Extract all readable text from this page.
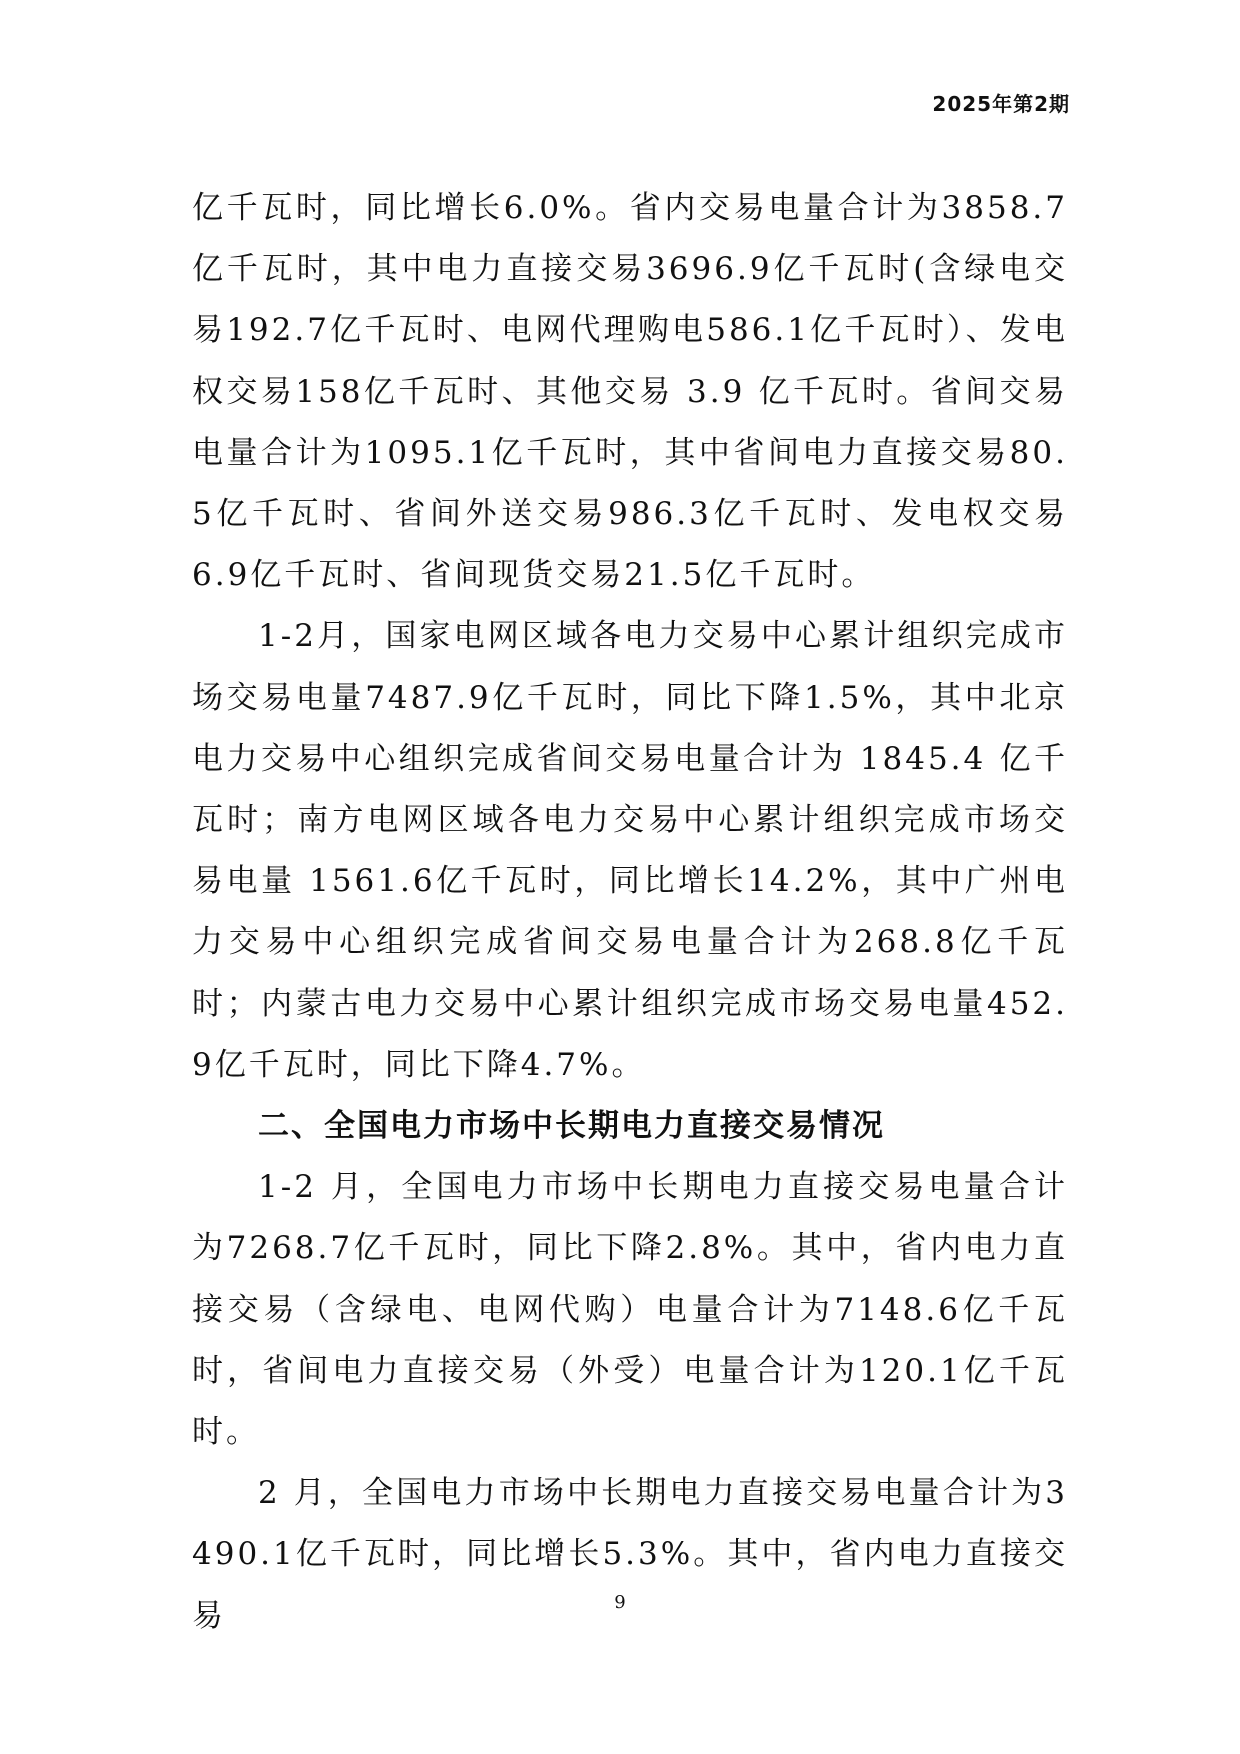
2025年第2期

亿千瓦时，同比增长6.0%。省内交易电量合计为3858.7亿千瓦时，其中电力直接交易3696.9亿千瓦时(含绿电交易192.7亿千瓦时、电网代理购电586.1亿千瓦时）、发电权交易158亿千瓦时、其他交易 3.9 亿千瓦时。省间交易电量合计为1095.1亿千瓦时，其中省间电力直接交易80.5亿千瓦时、省间外送交易986.3亿千瓦时、发电权交易6.9亿千瓦时、省间现货交易21.5亿千瓦时。

1-2月，国家电网区域各电力交易中心累计组织完成市场交易电量7487.9亿千瓦时，同比下降1.5%，其中北京电力交易中心组织完成省间交易电量合计为 1845.4 亿千瓦时；南方电网区域各电力交易中心累计组织完成市场交易电量 1561.6亿千瓦时，同比增长14.2%，其中广州电力交易中心组织完成省间交易电量合计为268.8亿千瓦时；内蒙古电力交易中心累计组织完成市场交易电量452.9亿千瓦时，同比下降4.7%。

二、全国电力市场中长期电力直接交易情况

1-2 月，全国电力市场中长期电力直接交易电量合计为7268.7亿千瓦时，同比下降2.8%。其中，省内电力直接交易（含绿电、电网代购）电量合计为7148.6亿千瓦时，省间电力直接交易（外受）电量合计为120.1亿千瓦时。

2 月，全国电力市场中长期电力直接交易电量合计为3490.1亿千瓦时，同比增长5.3%。其中，省内电力直接交易	9
